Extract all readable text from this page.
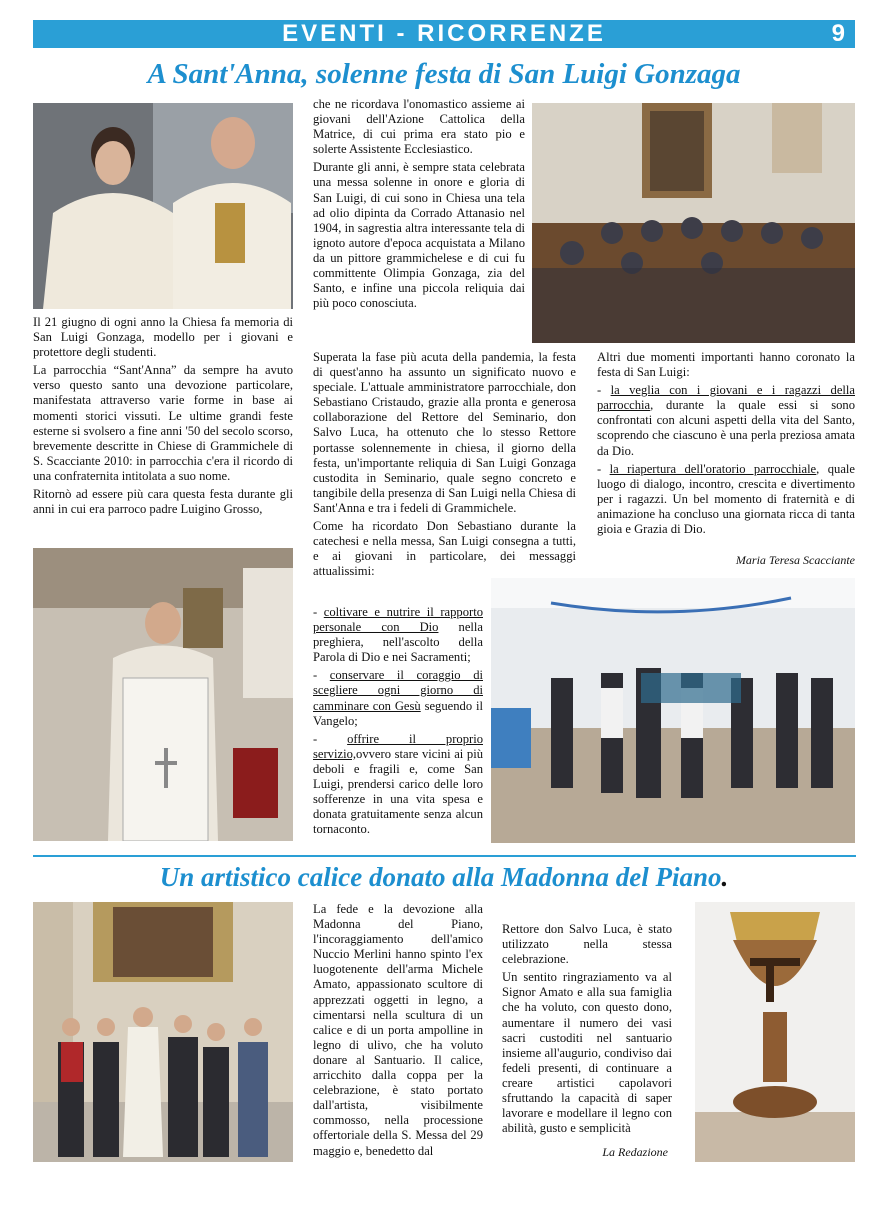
EVENTI - RICORRENZE	9
A Sant'Anna, solenne festa di San Luigi Gonzaga

Il 21 giugno di ogni anno la Chiesa fa memoria di San Luigi Gonzaga, modello per i giovani e protettore degli studenti.

La parrocchia “Sant'Anna” da sempre ha avuto verso questo santo una devozione particolare, manifestata attraverso varie forme in base ai momenti storici vissuti. Le ultime grandi feste esterne si svolsero a fine anni '50 del secolo scorso, brevemente descritte in Chiese di Grammichele di S. Scacciante 2010: in parrocchia c'era il ricordo di una confraternita intitolata a suo nome.

Ritornò ad essere più cara questa festa durante gli anni in cui era parroco padre Luigino Grosso,

che ne ricordava l'onomastico assieme ai giovani dell'Azione Cattolica della Matrice, di cui prima era stato pio e solerte Assistente Ecclesiastico.

Durante gli anni, è sempre stata celebrata una messa solenne in onore e gloria di San Luigi, di cui sono in Chiesa una tela ad olio dipinta da Corrado Attanasio nel 1904, in sagrestia altra interessante tela di ignoto autore d'epoca acquistata a Milano da un pittore grammichelese e di cui fu committente Olimpia Gonzaga, zia del Santo, e infine una piccola reliquia dai più poco conosciuta.

Superata la fase più acuta della pandemia, la festa di quest'anno ha assunto un significato nuovo e speciale. L'attuale amministratore parrocchiale, don Sebastiano Cristaudo, grazie alla pronta e generosa collaborazione del Rettore del Seminario, don Salvo Luca, ha ottenuto che lo stesso Rettore portasse solennemente in chiesa, il giorno della festa, un'importante reliquia di San Luigi Gonzaga custodita in Seminario, quale segno concreto e tangibile della presenza di San Luigi nella Chiesa di Sant'Anna e tra i fedeli di Grammichele.

Come ha ricordato Don Sebastiano durante la catechesi e nella messa, San Luigi consegna a tutti, e ai giovani in particolare, dei messaggi attualissimi:

- coltivare e nutrire il rapporto personale con Dio nella preghiera, nell'ascolto della Parola di Dio e nei Sacramenti;

- conservare il coraggio di scegliere ogni giorno di camminare con Gesù seguendo il Vangelo;

- offrire il proprio servizio,ovvero stare vicini ai più deboli e fragili e, come San Luigi, prendersi carico delle loro sofferenze in una vita spesa e donata gratuitamente senza alcun tornaconto.

Altri due momenti importanti hanno coronato la festa di San Luigi:

- la veglia con i giovani e i ragazzi della parrocchia, durante la quale essi si sono confrontati con alcuni aspetti della vita del Santo, scoprendo che ciascuno è una perla preziosa amata da Dio.

- la riapertura dell'oratorio parrocchiale, quale luogo di dialogo, incontro, crescita e divertimento per i ragazzi. Un bel momento di fraternità e di animazione ha concluso una giornata ricca di tanta gioia e Grazia di Dio.

Maria Teresa Scacciante
Un artistico calice donato alla Madonna del Piano.

La fede e la devozione alla Madonna del Piano, l'incoraggiamento dell'amico Nuccio Merlini hanno spinto l'ex luogotenente dell'arma Michele Amato, appassionato scultore di apprezzati oggetti in legno, a cimentarsi nella scultura di un calice e di un porta ampolline in legno di ulivo, che ha voluto donare al Santuario. Il calice, arricchito dalla coppa per la celebrazione, è stato portato dall'artista, visibilmente commosso, nella processione offertoriale della S. Messa del 29 maggio e, benedetto dal

Rettore don Salvo Luca, è stato utilizzato nella stessa celebrazione.

Un sentito ringraziamento va al Signor Amato e alla sua famiglia che ha voluto, con questo dono, aumentare il numero dei vasi sacri custoditi nel santuario insieme all'augurio, condiviso dai fedeli presenti, di continuare a creare artistici capolavori sfruttando la capacità di saper lavorare e modellare il legno con abilità, gusto e semplicità

La Redazione
